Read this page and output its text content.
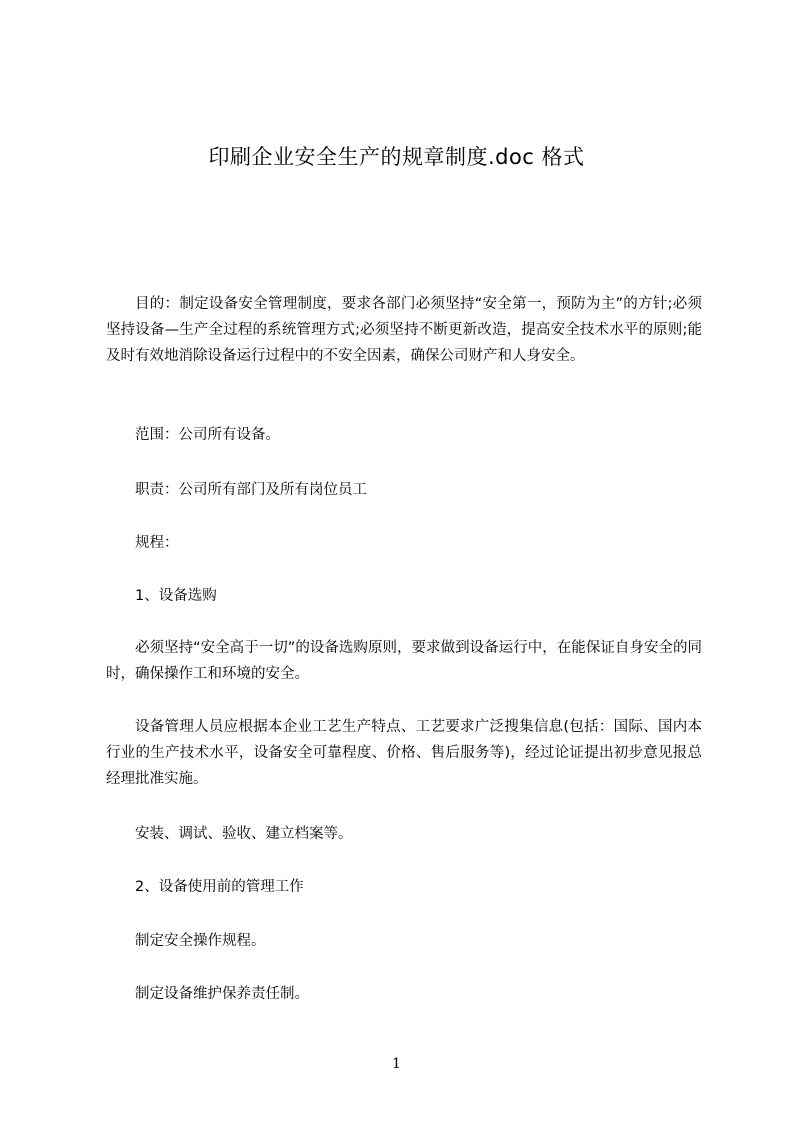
印刷企业安全生产的规章制度.doc 格式
目的：制定设备安全管理制度，要求各部门必须坚持“安全第一，预防为主”的方针;必须坚持设备—生产全过程的系统管理方式;必须坚持不断更新改造，提高安全技术水平的原则;能及时有效地消除设备运行过程中的不安全因素，确保公司财产和人身安全。
范围：公司所有设备。
职责：公司所有部门及所有岗位员工
规程：
1、设备选购
必须坚持“安全高于一切”的设备选购原则，要求做到设备运行中，在能保证自身安全的同时，确保操作工和环境的安全。
设备管理人员应根据本企业工艺生产特点、工艺要求广泛搜集信息(包括：国际、国内本行业的生产技术水平，设备安全可靠程度、价格、售后服务等)，经过论证提出初步意见报总经理批准实施。
安装、调试、验收、建立档案等。
2、设备使用前的管理工作
制定安全操作规程。
制定设备维护保养责任制。
1
